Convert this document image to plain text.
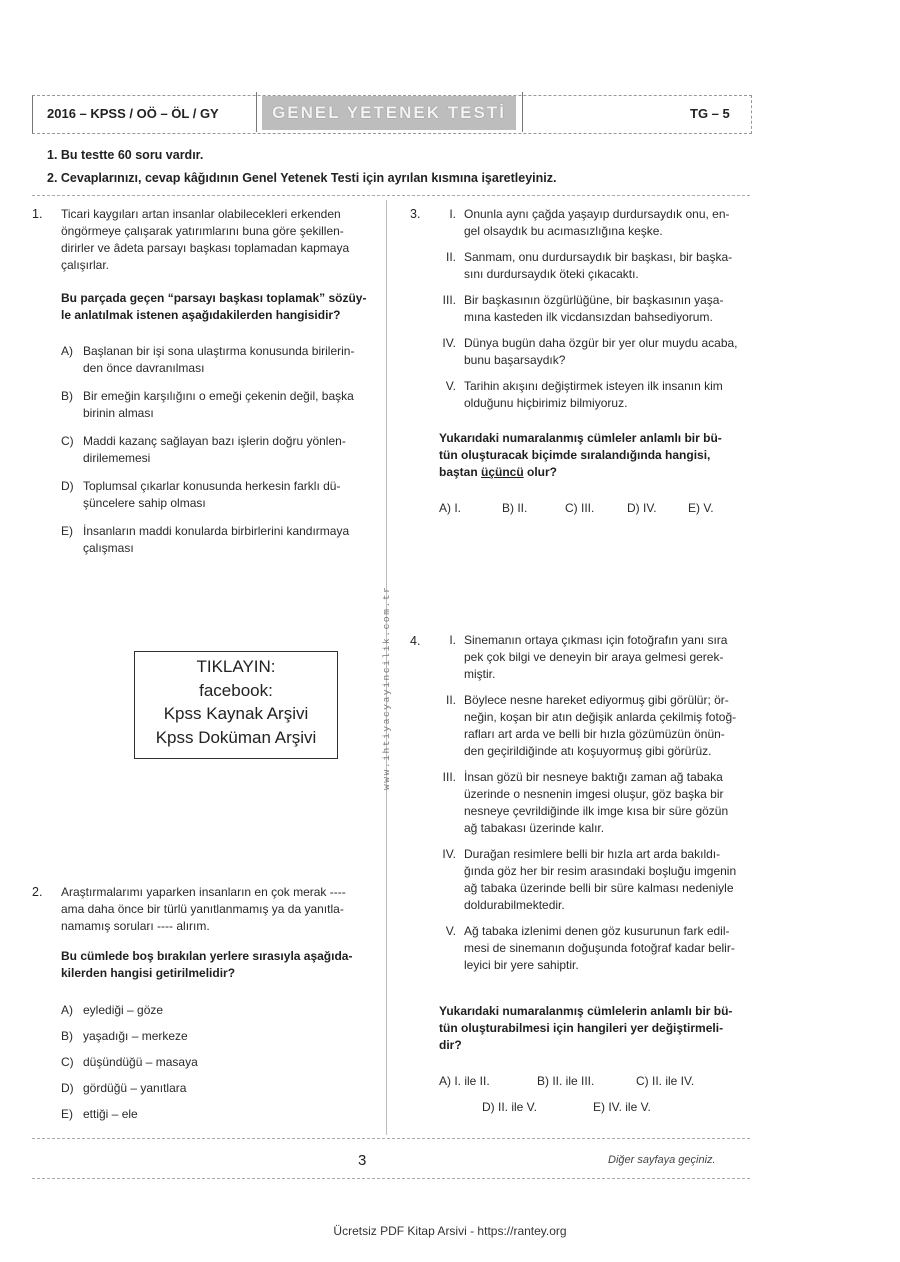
2016 – KPSS / OÖ – ÖL / GY	GENEL YETENEK TESTİ	TG – 5
1. Bu testte 60 soru vardır.
2. Cevaplarınızı, cevap kâğıdının Genel Yetenek Testi için ayrılan kısmına işaretleyiniz.
1. Ticari kaygıları artan insanlar olabilecekleri erkenden
öngörmeye çalışarak yatırımlarını buna göre şekillen-
dirirler ve âdeta parsayı başkası toplamadan kapmaya
çalışırlar.
Bu parçada geçen “parsayı başkası toplamak” sözüy-
le anlatılmak istenen aşağıdakilerden hangisidir?
A) Başlanan bir işi sona ulaştırma konusunda birilerin-
den önce davranılması
B) Bir emeğin karşılığını o emeği çekenin değil, başka
birinin alması
C) Maddi kazanç sağlayan bazı işlerin doğru yönlen-
dirilememesi
D) Toplumsal çıkarlar konusunda herkesin farklı dü-
şüncelere sahip olması
E) İnsanların maddi konularda birbirlerini kandırmaya
çalışması
TIKLAYIN:
facebook:
Kpss Kaynak Arşivi
Kpss Doküman Arşivi	www.ihtiyacyayincilik.com.tr
2. Araştırmalarımı yaparken insanların en çok merak ----
ama daha önce bir türlü yanıtlanmamış ya da yanıtla-
namamış soruları ---- alırım.
Bu cümlede boş bırakılan yerlere sırasıyla aşağıda-
kilerden hangisi getirilmelidir?
A) eylediği – göze
B) yaşadığı – merkeze
C) düşündüğü – masaya
D) gördüğü – yanıtlara
E) ettiği – ele
3.	I. Onunla aynı çağda yaşayıp durdursaydık onu, en-
gel olsaydık bu acımasızlığına keşke.
II. Sanmam, onu durdursaydık bir başkası, bir başka-
sını durdursaydık öteki çıkacaktı.
III. Bir başkasının özgürlüğüne, bir başkasının yaşa-
mına kasteden ilk vicdansızdan bahsediyorum.
IV. Dünya bugün daha özgür bir yer olur muydu acaba,
bunu başarsaydık?
V. Tarihin akışını değiştirmek isteyen ilk insanın kim
olduğunu hiçbirimiz bilmiyoruz.
Yukarıdaki numaralanmış cümleler anlamlı bir bü-
tün oluşturacak biçimde sıralandığında hangisi,
baştan üçüncü olur?
A) I.	B) II.	C) III.	D) IV.	E) V.
4.	I. Sinemanın ortaya çıkması için fotoğrafın yanı sıra
pek çok bilgi ve deneyin bir araya gelmesi gerek-
miştir.
II. Böylece nesne hareket ediyormuş gibi görülür; ör-
neğin, koşan bir atın değişik anlarda çekilmiş fotoğ-
rafları art arda ve belli bir hızla gözümüzün önün-
den geçirildiğinde atı koşuyormuş gibi görürüz.
III. İnsan gözü bir nesneye baktığı zaman ağ tabaka
üzerinde o nesnenin imgesi oluşur, göz başka bir
nesneye çevrildiğinde ilk imge kısa bir süre gözün
ağ tabakası üzerinde kalır.
IV. Durağan resimlere belli bir hızla art arda bakıldı-
ğında göz her bir resim arasındaki boşluğu imgenin
ağ tabaka üzerinde belli bir süre kalması nedeniyle
doldurabilmektedir.
V. Ağ tabaka izlenimi denen göz kusurunun fark edil-
mesi de sinemanın doğuşunda fotoğraf kadar belir-
leyici bir yere sahiptir.
Yukarıdaki numaralanmış cümlelerin anlamlı bir bü-
tün oluşturabilmesi için hangileri yer değiştirmeli-
dir?
A) I. ile II.	B) II. ile III.	C) II. ile IV.
D) II. ile V.	E) IV. ile V.
3	Diğer sayfaya geçiniz.
Ücretsiz PDF Kitap Arsivi - https://rantey.org
